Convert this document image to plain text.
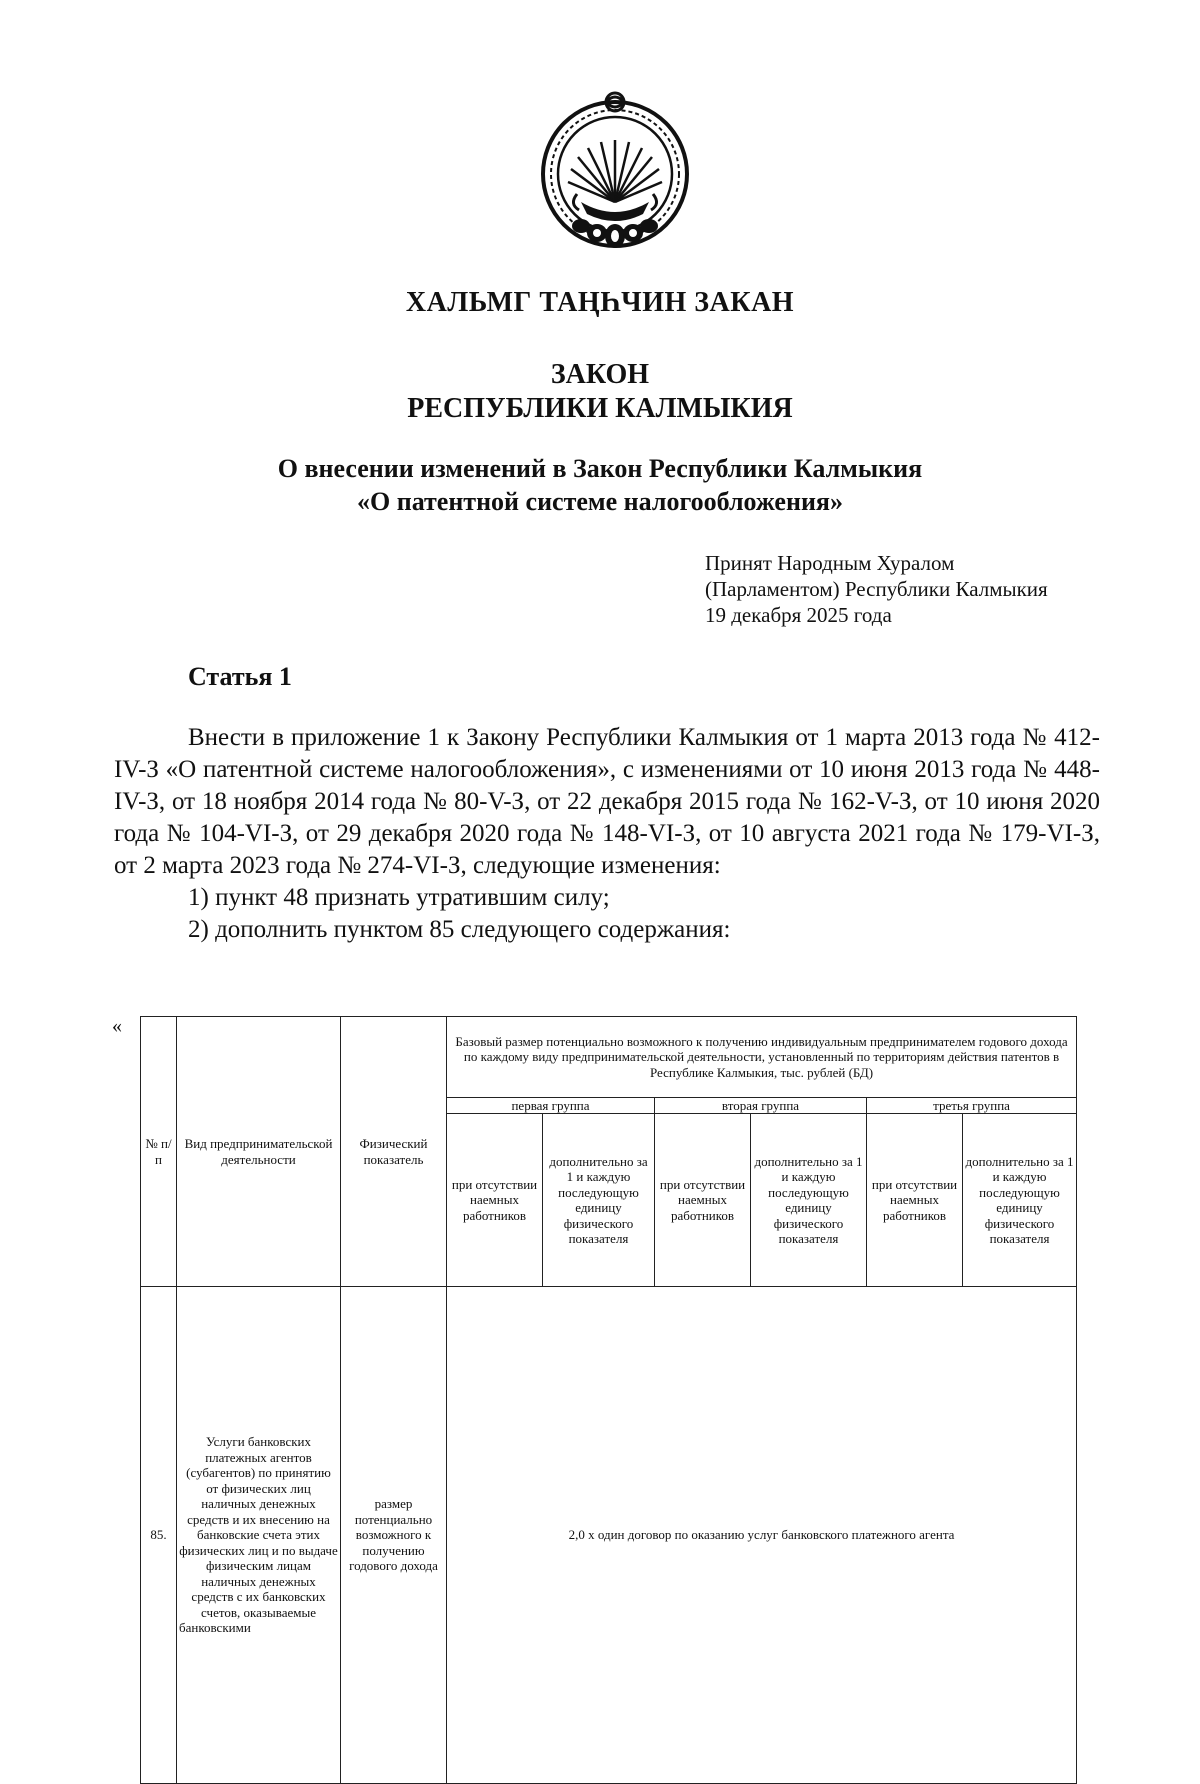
ХАЛЬМГ ТАҢҺЧИН ЗАКАН
ЗАКОН
РЕСПУБЛИКИ КАЛМЫКИЯ
О внесении изменений в Закон Республики Калмыкия
«О патентной системе налогообложения»
Принят Народным Хуралом
(Парламентом) Республики Калмыкия
19 декабря 2025 года
Статья 1

Внести в приложение 1 к Закону Республики Калмыкия от 1 марта 2013 года № 412-IV-З «О патентной системе налогообложения», с изменениями от 10 июня 2013 года № 448-IV-З, от 18 ноября 2014 года № 80-V-З, от 22 декабря 2015 года № 162-V-З, от 10 июня 2020 года № 104-VI-З, от 29 декабря 2020 года № 148-VI-З, от 10 августа 2021 года № 179-VI-З, от 2 марта 2023 года № 274-VI-З, следующие изменения:

1) пункт 48 признать утратившим силу;

2) дополнить пунктом 85 следующего содержания:

«
№ п/ п	Вид предпринимательской деятельности	Физический показатель	Базовый размер потенциально возможного к получению индивидуальным предпринимателем годового дохода по каждому виду предпринимательской деятельности, установленный по территориям действия патентов в Республике Калмыкия, тыс. рублей (БД)					
			первая группа		вторая группа		третья группа	
			при отсутствии наемных работников	дополнительно за 1 и каждую последующую единицу физического показателя	при отсутствии наемных работников	дополнительно за 1 и каждую последующую единицу физического показателя	при отсутствии наемных работников	дополнительно за 1 и каждую последующую единицу физического показателя
85.	Услуги банковских платежных агентов (субагентов) по принятию от физических лиц наличных денежных средств и их внесению на банковские счета этих физических лиц и по выдаче физическим лицам наличных денежных средств с их банковских счетов, оказываемые банковскими	размер потенциально возможного к получению годового дохода	2,0 х один договор по оказанию услуг банковского платежного агента					
